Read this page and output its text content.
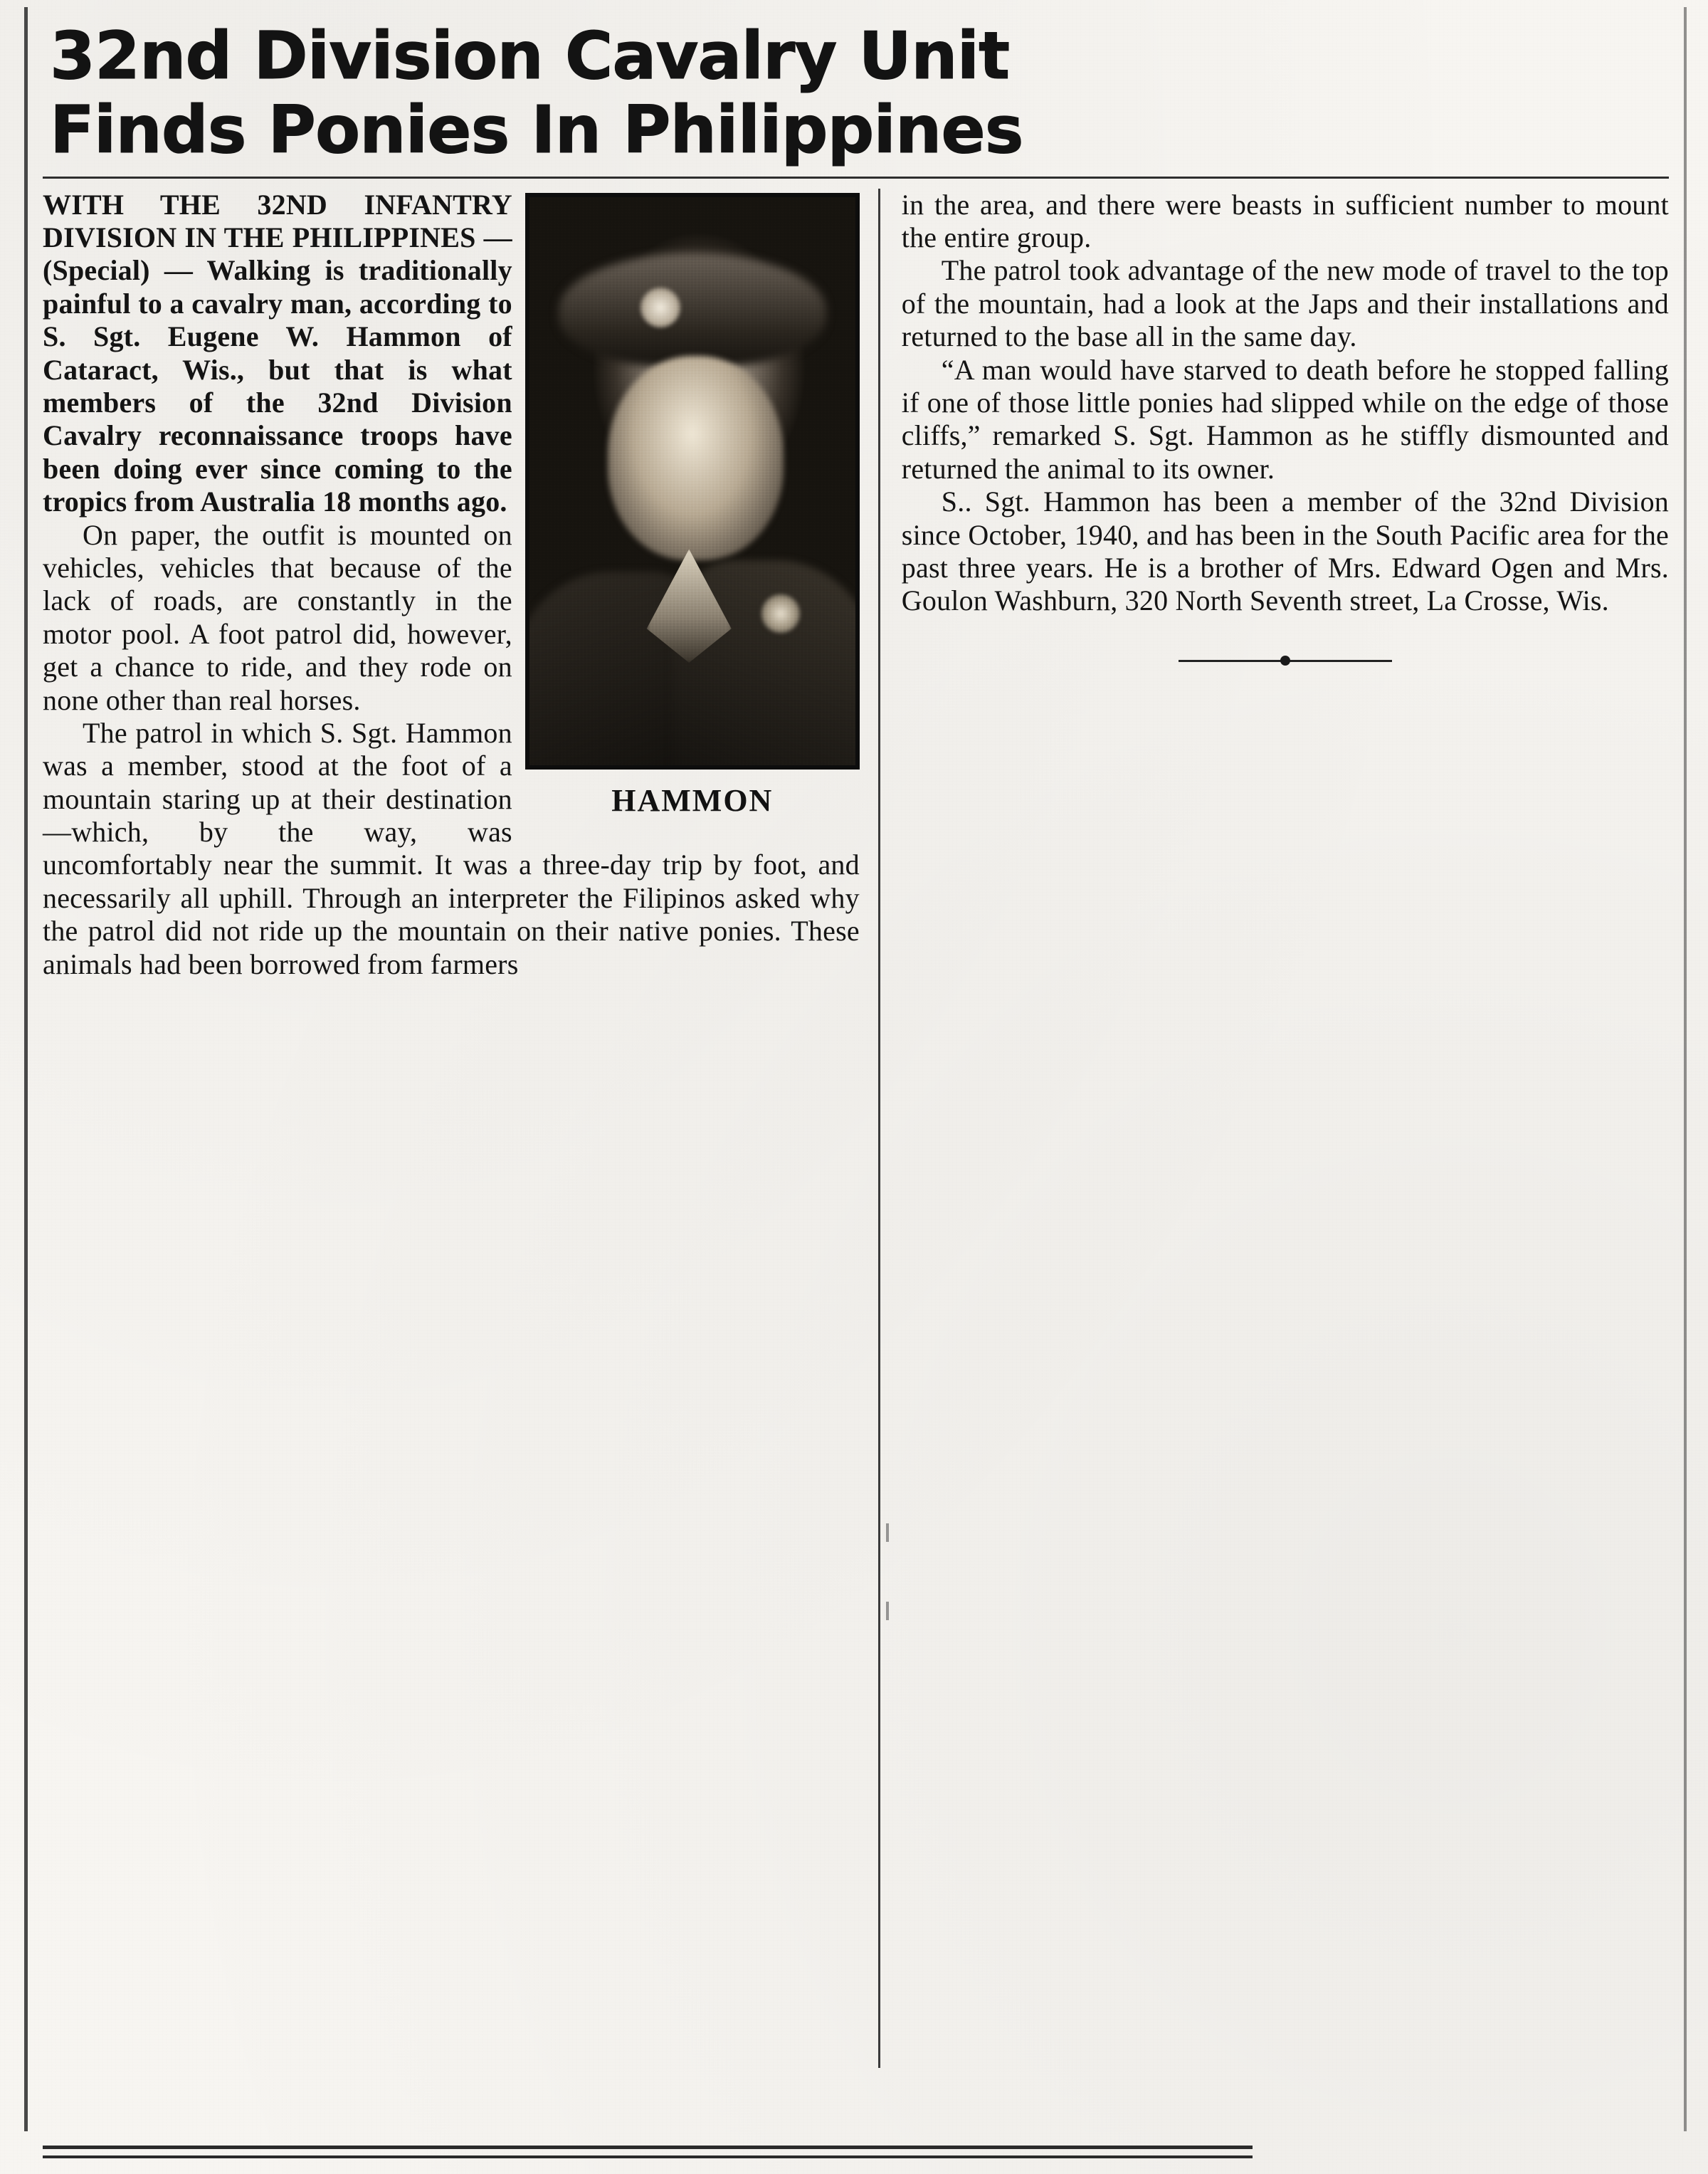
32nd Division Cavalry Unit
Finds Ponies In Philippines
HAMMON

WITH THE 32ND INFANTRY DIVISION IN THE PHILIPPINES — (Special) — Walking is traditionally painful to a cavalry man, according to S. Sgt. Eugene W. Hammon of Cataract, Wis., but that is what members of the 32nd Division Cavalry reconnaissance troops have been doing ever since coming to the tropics from Australia 18 months ago.

On paper, the outfit is mounted on vehicles, vehicles that because of the lack of roads, are constantly in the motor pool. A foot patrol did, however, get a chance to ride, and they rode on none other than real horses.

The patrol in which S. Sgt. Hammon was a member, stood at the foot of a mountain staring up at their destination—which, by the way, was uncomfortably near the summit. It was a three-day trip by foot, and necessarily all uphill. Through an interpreter the Filipinos asked why the patrol did not ride up the mountain on their native ponies. These animals had been borrowed from farmers

in the area, and there were beasts in sufficient number to mount the entire group.

The patrol took advantage of the new mode of travel to the top of the mountain, had a look at the Japs and their installations and returned to the base all in the same day.

“A man would have starved to death before he stopped falling if one of those little ponies had slipped while on the edge of those cliffs,” remarked S. Sgt. Hammon as he stiffly dismounted and returned the animal to its owner.

S.. Sgt. Hammon has been a member of the 32nd Division since October, 1940, and has been in the South Pacific area for the past three years. He is a brother of Mrs. Edward Ogen and Mrs. Goulon Washburn, 320 North Seventh street, La Crosse, Wis.
